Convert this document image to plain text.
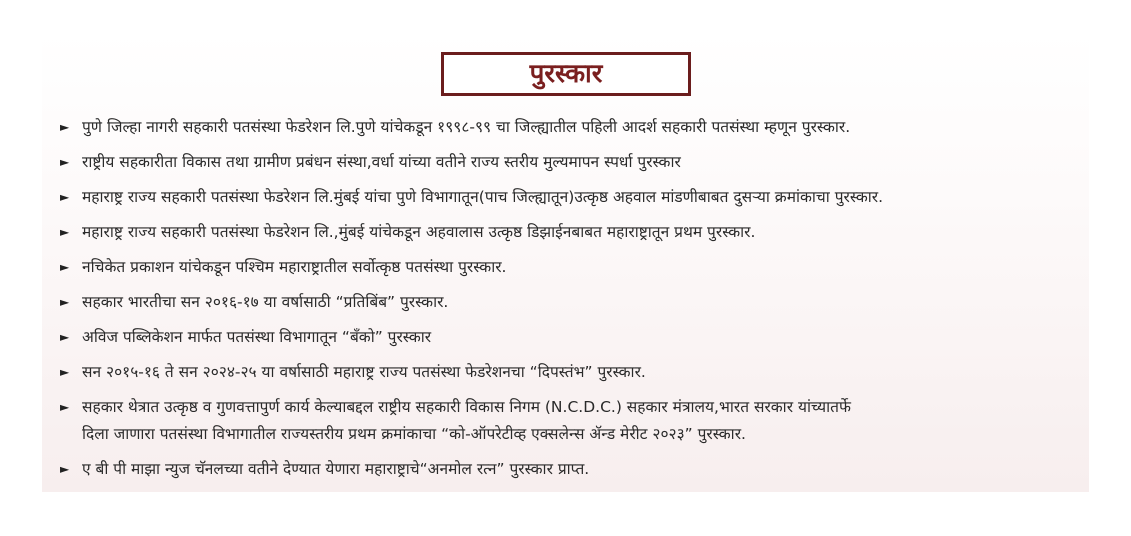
पुरस्कार
► पुणे जिल्हा नागरी सहकारी पतसंस्था फेडरेशन लि.पुणे यांचेकडून १९९८-९९ चा जिल्ह्यातील पहिली आदर्श सहकारी पतसंस्था म्हणून पुरस्कार.
► राष्ट्रीय सहकारीता विकास तथा ग्रामीण प्रबंधन संस्था,वर्धा यांच्या वतीने राज्य स्तरीय मुल्यमापन स्पर्धा पुरस्कार
► महाराष्ट्र राज्य सहकारी पतसंस्था फेडरेशन लि.मुंबई यांचा पुणे विभागातून(पाच जिल्ह्यातून)उत्कृष्ठ अहवाल मांडणीबाबत दुसऱ्या क्रमांकाचा पुरस्कार.
► महाराष्ट्र राज्य सहकारी पतसंस्था फेडरेशन लि.,मुंबई यांचेकडून अहवालास उत्कृष्ठ डिझाईनबाबत महाराष्ट्रातून प्रथम पुरस्कार.
► नचिकेत प्रकाशन यांचेकडून पश्चिम महाराष्ट्रातील सर्वोत्कृष्ठ पतसंस्था पुरस्कार.
► सहकार भारतीचा सन २०१६-१७ या वर्षासाठी “प्रतिबिंब” पुरस्कार.
► अविज पब्लिकेशन मार्फत पतसंस्था विभागातून “बँको” पुरस्कार
► सन २०१५-१६ ते सन २०२४-२५ या वर्षासाठी महाराष्ट्र राज्य पतसंस्था फेडरेशनचा “दिपस्तंभ” पुरस्कार.
► सहकार थेत्रात उत्कृष्ठ व गुणवत्तापुर्ण कार्य केल्याबद्दल राष्ट्रीय सहकारी विकास निगम (N.C.D.C.) सहकार मंत्रालय,भारत सरकार यांच्यातर्फे
दिला जाणारा पतसंस्था विभागातील राज्यस्तरीय प्रथम क्रमांकाचा “को-ऑपरेटीव्ह एक्सलेन्स ॲन्ड मेरीट २०२३” पुरस्कार.
► ए बी पी माझा न्युज चॅनलच्या वतीने देण्यात येणारा महाराष्ट्राचे“अनमोल रत्न” पुरस्कार प्राप्त.
